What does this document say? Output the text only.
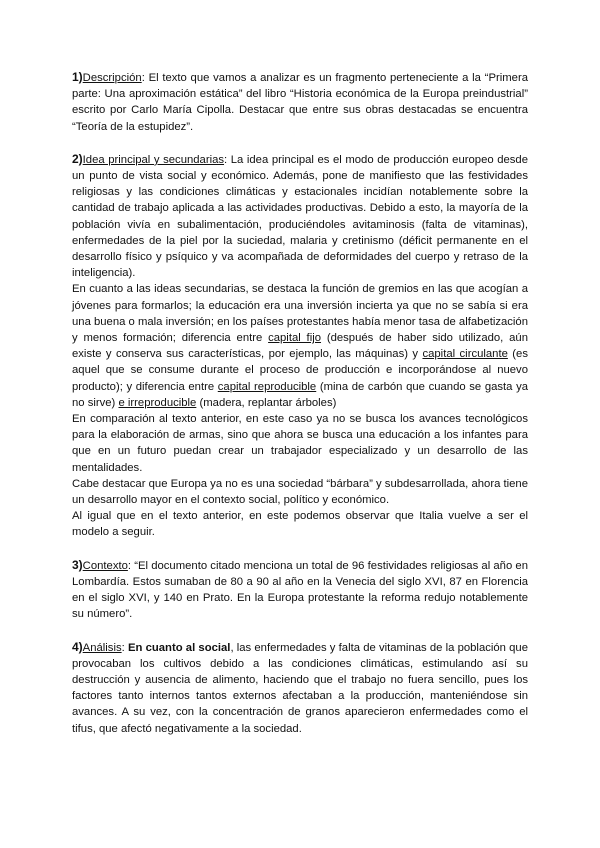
1)Descripción: El texto que vamos a analizar es un fragmento perteneciente a la “Primera parte: Una aproximación estática” del libro “Historia económica de la Europa preindustrial” escrito por Carlo María Cipolla. Destacar que entre sus obras destacadas se encuentra “Teoría de la estupidez”.

2)Idea principal y secundarias: La idea principal es el modo de producción europeo desde un punto de vista social y económico. Además, pone de manifiesto que las festividades religiosas y las condiciones climáticas y estacionales incidían notablemente sobre la cantidad de trabajo aplicada a las actividades productivas. Debido a esto, la mayoría de la población vivía en subalimentación, produciéndoles avitaminosis (falta de vitaminas), enfermedades de la piel por la suciedad, malaria y cretinismo (déficit permanente en el desarrollo físico y psíquico y va acompañada de deformidades del cuerpo y retraso de la inteligencia).

En cuanto a las ideas secundarias, se destaca la función de gremios en las que acogían a jóvenes para formarlos; la educación era una inversión incierta ya que no se sabía si era una buena o mala inversión; en los países protestantes había menor tasa de alfabetización y menos formación; diferencia entre capital fijo (después de haber sido utilizado, aún existe y conserva sus características, por ejemplo, las máquinas) y capital circulante (es aquel que se consume durante el proceso de producción e incorporándose al nuevo producto); y diferencia entre capital reproducible (mina de carbón que cuando se gasta ya no sirve) e irreproducible (madera, replantar árboles)

En comparación al texto anterior, en este caso ya no se busca los avances tecnológicos para la elaboración de armas, sino que ahora se busca una educación a los infantes para que en un futuro puedan crear un trabajador especializado y un desarrollo de las mentalidades.

Cabe destacar que Europa ya no es una sociedad “bárbara” y subdesarrollada, ahora tiene un desarrollo mayor en el contexto social, político y económico.

Al igual que en el texto anterior, en este podemos observar que Italia vuelve a ser el modelo a seguir.

3)Contexto: “El documento citado menciona un total de 96 festividades religiosas al año en Lombardía. Estos sumaban de 80 a 90 al año en la Venecia del siglo XVI, 87 en Florencia en el siglo XVI, y 140 en Prato. En la Europa protestante la reforma redujo notablemente su número”.

4)Análisis: En cuanto al social, las enfermedades y falta de vitaminas de la población que provocaban los cultivos debido a las condiciones climáticas, estimulando así su destrucción y ausencia de alimento, haciendo que el trabajo no fuera sencillo, pues los factores tanto internos tantos externos afectaban a la producción, manteniéndose sin avances. A su vez, con la concentración de granos aparecieron enfermedades como el tifus, que afectó negativamente a la sociedad.
